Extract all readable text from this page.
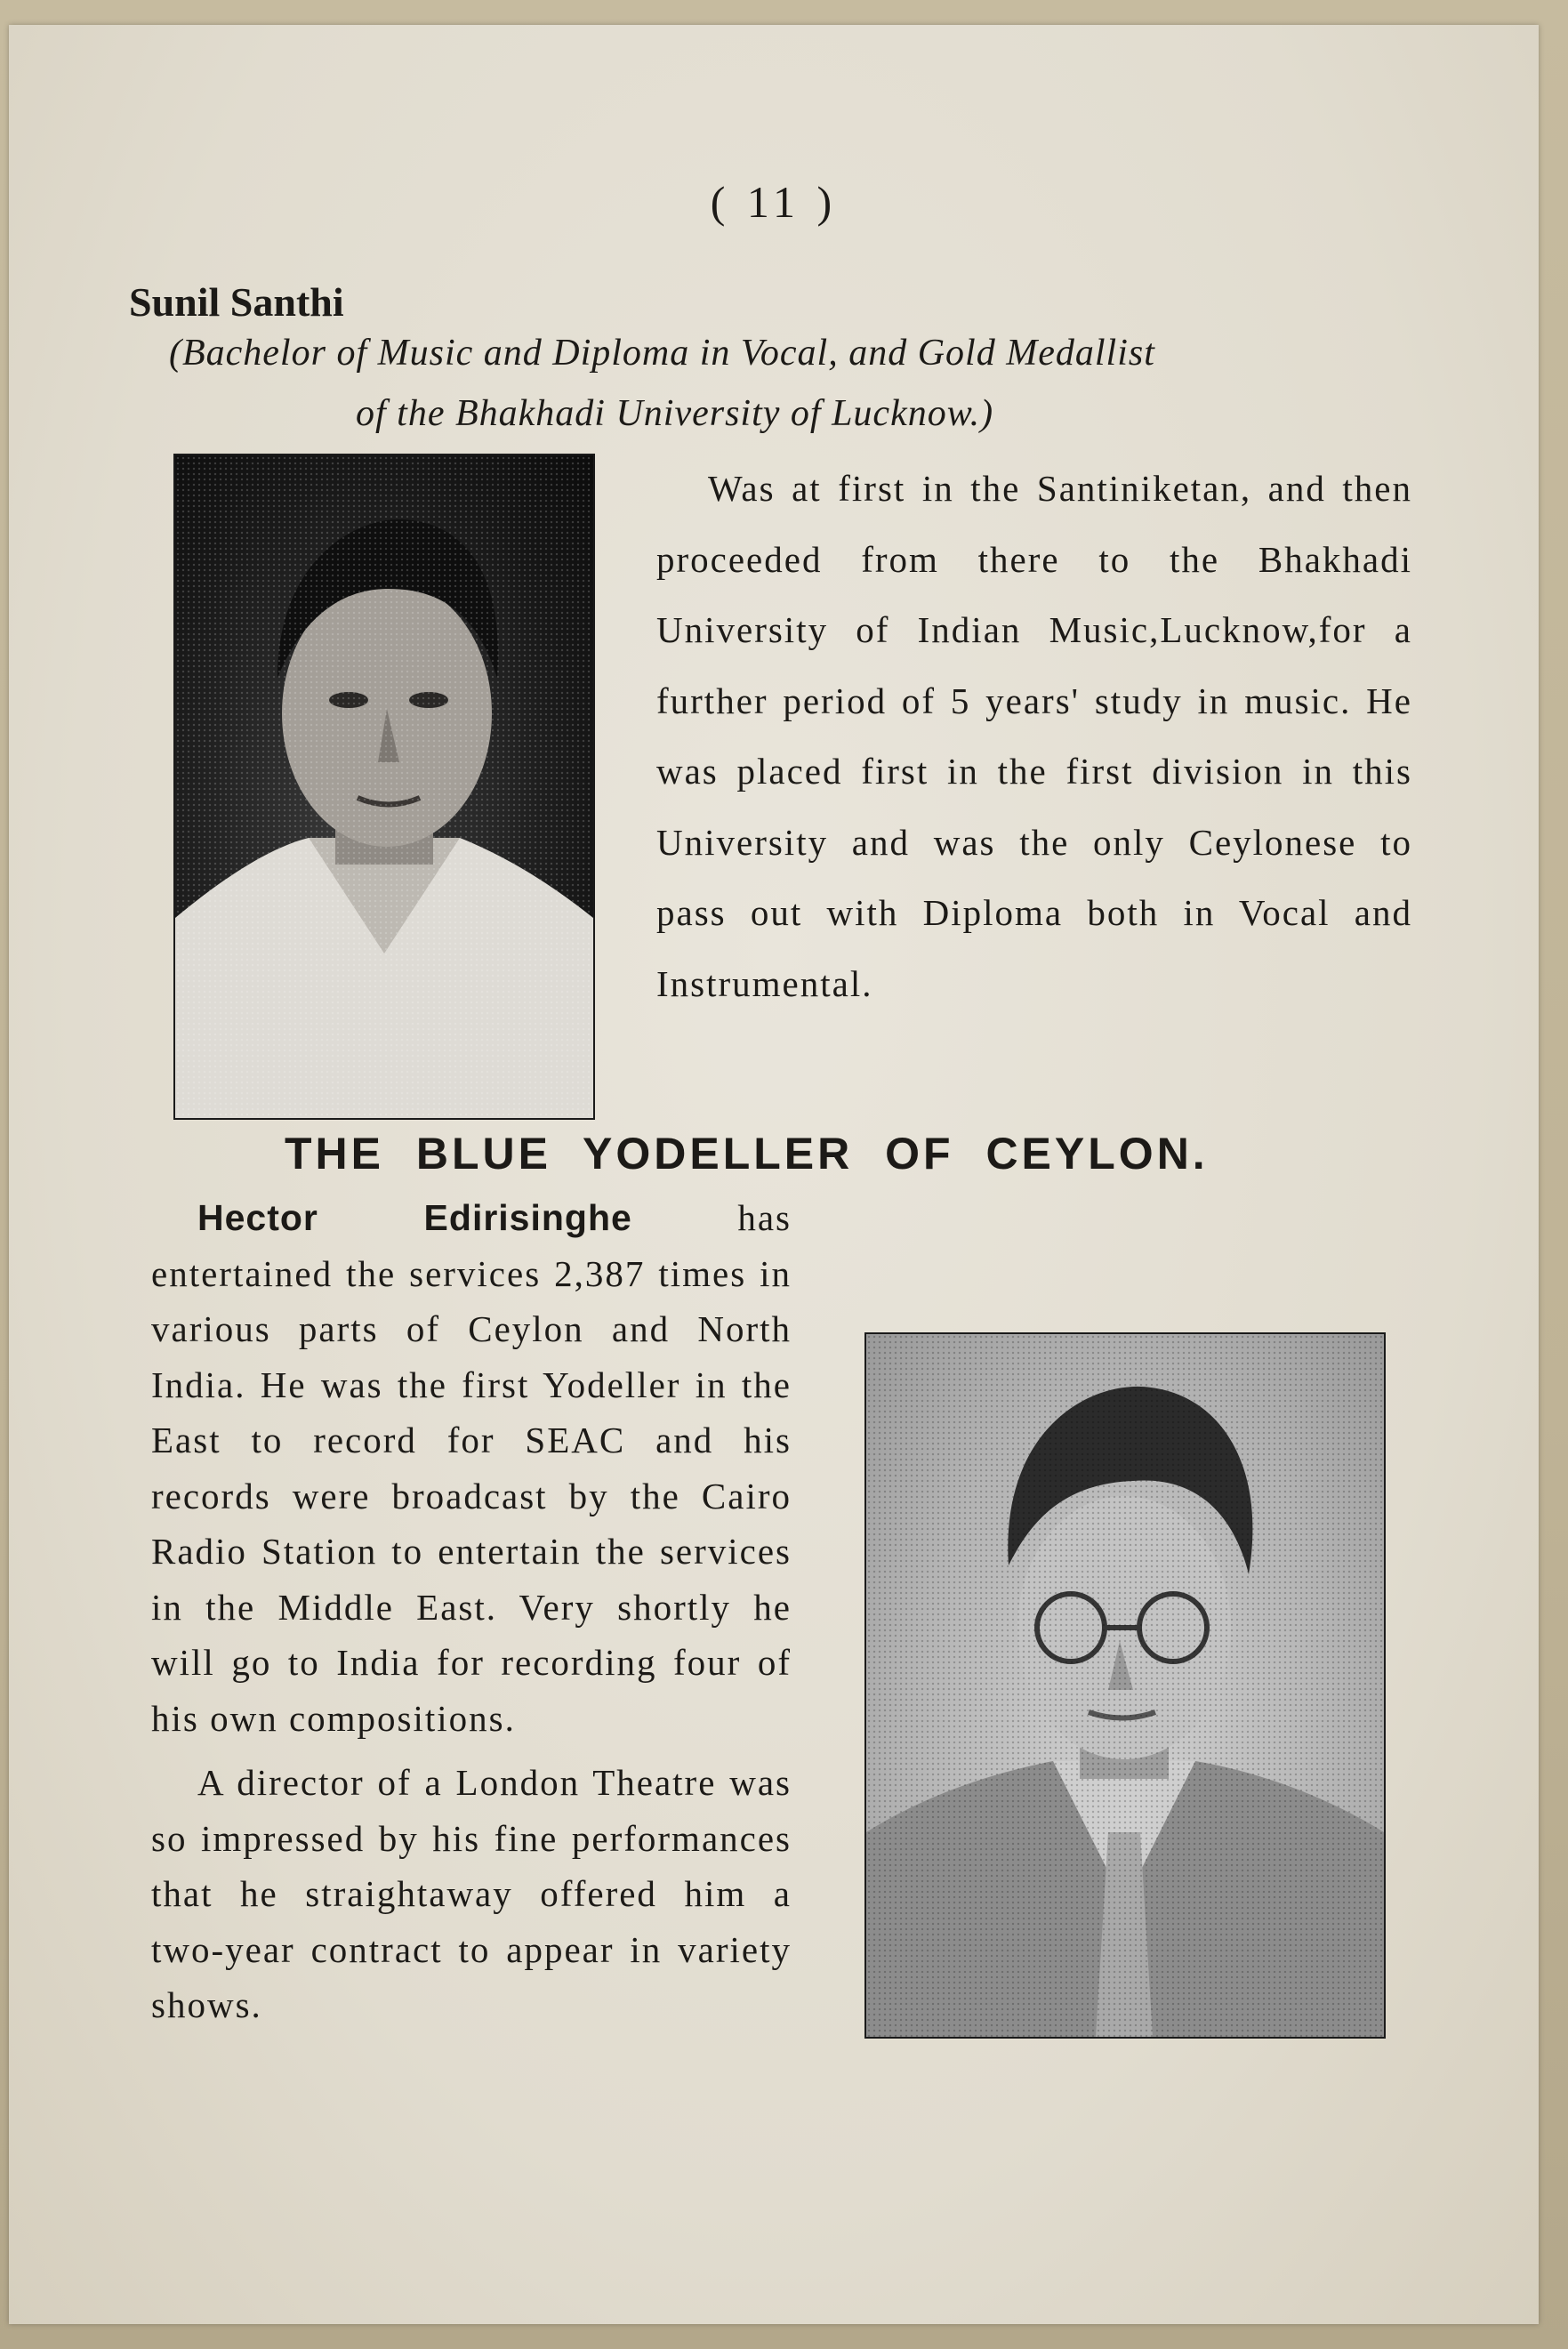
( 11 )
Sunil Santhi
(Bachelor of Music and Diploma in Vocal, and Gold Medallist
of the Bhakhadi University of Lucknow.)

Was at first in the Santiniketan, and then proceeded from there to the Bhakhadi University of Indian Music,Lucknow,for a further period of 5 years' study in music. He was placed first in the first division in this University and was the only Ceylonese to pass out with Diploma both in Vocal and Instrumental.

THE BLUE YODELLER OF CEYLON.

Hector Edirisinghe has entertained the services 2,387 times in various parts of Ceylon and North India. He was the first Yodeller in the East to record for SEAC and his records were broadcast by the Cairo Radio Station to entertain the services in the Middle East. Very shortly he will go to India for recording four of his own compositions.

A director of a London Theatre was so impressed by his fine performances that he straightaway offered him a two-year contract to appear in variety shows.
